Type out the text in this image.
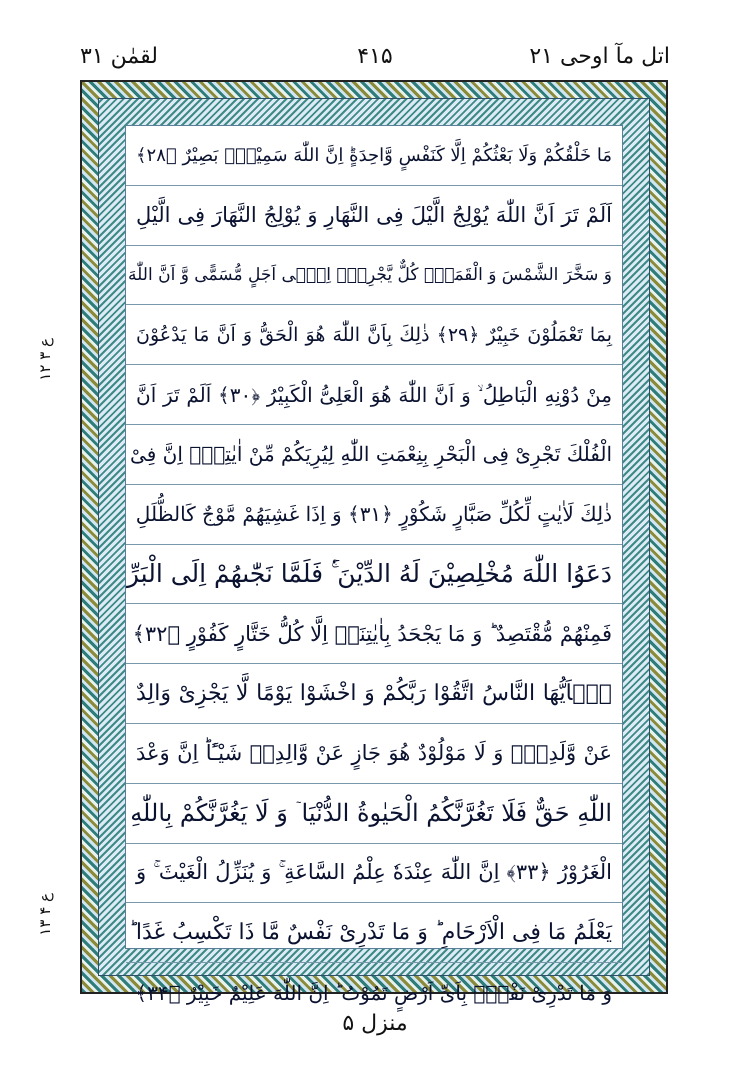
لقمٰن ۳۱	۴۱۵	اتل مآ اوحی ۲۱
ع ۳ ۱۲
ع ۴ ۱۳
مَا خَلْقُكُمْ وَلَا بَعْثُكُمْ اِلَّا كَنَفْسٍ وَّاحِدَةٍؕ اِنَّ اللّٰهَ سَمِیْعٌۢ بَصِیْرٌ ﴿۲۸﴾
اَلَمْ تَرَ اَنَّ اللّٰهَ یُوْلِجُ الَّیْلَ فِی النَّهَارِ وَ یُوْلِجُ النَّهَارَ فِی الَّیْلِ
وَ سَخَّرَ الشَّمْسَ وَ الْقَمَرَ٘ كُلٌّ یَّجْرِیْۤ اِلٰۤى اَجَلٍ مُّسَمًّى وَّ اَنَّ اللّٰهَ
بِمَا تَعْمَلُوْنَ خَبِیْرٌ ﴿۲۹﴾ ذٰلِكَ بِاَنَّ اللّٰهَ هُوَ الْحَقُّ وَ اَنَّ مَا یَدْعُوْنَ
مِنْ دُوْنِهِ الْبَاطِلُ ۙ وَ اَنَّ اللّٰهَ هُوَ الْعَلِیُّ الْكَبِیْرُ ﴿۳۰﴾ اَلَمْ تَرَ اَنَّ
الْفُلْكَ تَجْرِیْ فِی الْبَحْرِ بِنِعْمَتِ اللّٰهِ لِیُرِیَكُمْ مِّنْ اٰیٰتِهٖؕ اِنَّ فِیْ
ذٰلِكَ لَاٰیٰتٍ لِّكُلِّ صَبَّارٍ شَكُوْرٍ ﴿۳۱﴾ وَ اِذَا غَشِیَهُمْ مَّوْجٌ كَالظُّلَلِ
دَعَوُا اللّٰهَ مُخْلِصِیْنَ لَهُ الدِّیْنَ ۚ۬ فَلَمَّا نَجّٰىهُمْ اِلَى الْبَرِّ
فَمِنْهُمْ مُّقْتَصِدٌ ؕ وَ مَا یَجْحَدُ بِاٰیٰتِنَاۤ اِلَّا كُلُّ خَتَّارٍ كَفُوْرٍ ﴿۳۲﴾
یٰۤاَیُّهَا النَّاسُ اتَّقُوْا رَبَّكُمْ وَ اخْشَوْا یَوْمًا لَّا یَجْزِیْ وَالِدٌ
عَنْ وَّلَدِهٖ٘ وَ لَا مَوْلُوْدٌ هُوَ جَازٍ عَنْ وَّالِدِهٖ شَیْـًٔاؕ اِنَّ وَعْدَ
اللّٰهِ حَقٌّ فَلَا تَغُرَّنَّكُمُ الْحَیٰوةُ الدُّنْیَا ٙ وَ لَا یَغُرَّنَّكُمْ بِاللّٰهِ
الْغَرُوْرُ ﴿۳۳﴾ اِنَّ اللّٰهَ عِنْدَهٗ عِلْمُ السَّاعَةِ ۚ وَ یُنَزِّلُ الْغَیْثَ ۚ وَ
یَعْلَمُ مَا فِی الْاَرْحَامِ ؕ وَ مَا تَدْرِیْ نَفْسٌ مَّا ذَا تَكْسِبُ غَدًا ؕ
وَ مَا تَدْرِیْ نَفْسٌۢ بِاَیِّ اَرْضٍ تَمُوْتُ ؕ اِنَّ اللّٰهَ عَلِیْمٌ خَبِیْرٌ ﴿۳۴﴾
منزل ۵
